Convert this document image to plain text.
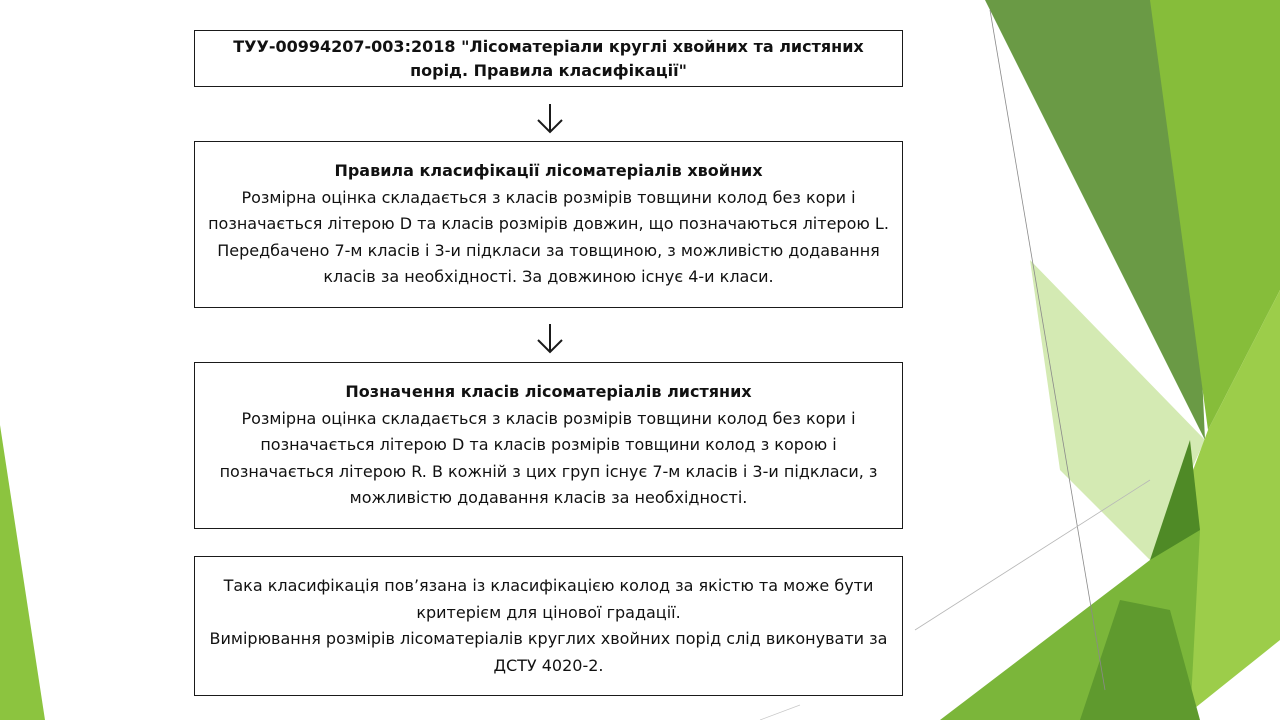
ТУУ-00994207-003:2018 "Лісоматеріали круглі хвойних та листяних порід. Правила класифікації"

Правила класифікації лісоматеріалів хвойних

Розмірна оцінка складається з класів розмірів товщини колод без кори і позначається літерою D та класів розмірів довжин, що позначаються літерою L. Передбачено 7-м класів і 3-и підкласи за товщиною, з можливістю додавання класів за необхідності. За довжиною існує 4-и класи.

Позначення класів лісоматеріалів листяних

Розмірна оцінка складається з класів розмірів товщини колод без кори і позначається літерою D та класів розмірів товщини колод з корою і позначається літерою R. В кожній з цих груп існує 7-м класів і 3-и підкласи, з можливістю додавання класів за необхідності.

Така класифікація пов’язана із класифікацією колод за якістю та може бути критерієм для цінової градації.

Вимірювання розмірів лісоматеріалів круглих хвойних порід слід виконувати за ДСТУ 4020-2.
